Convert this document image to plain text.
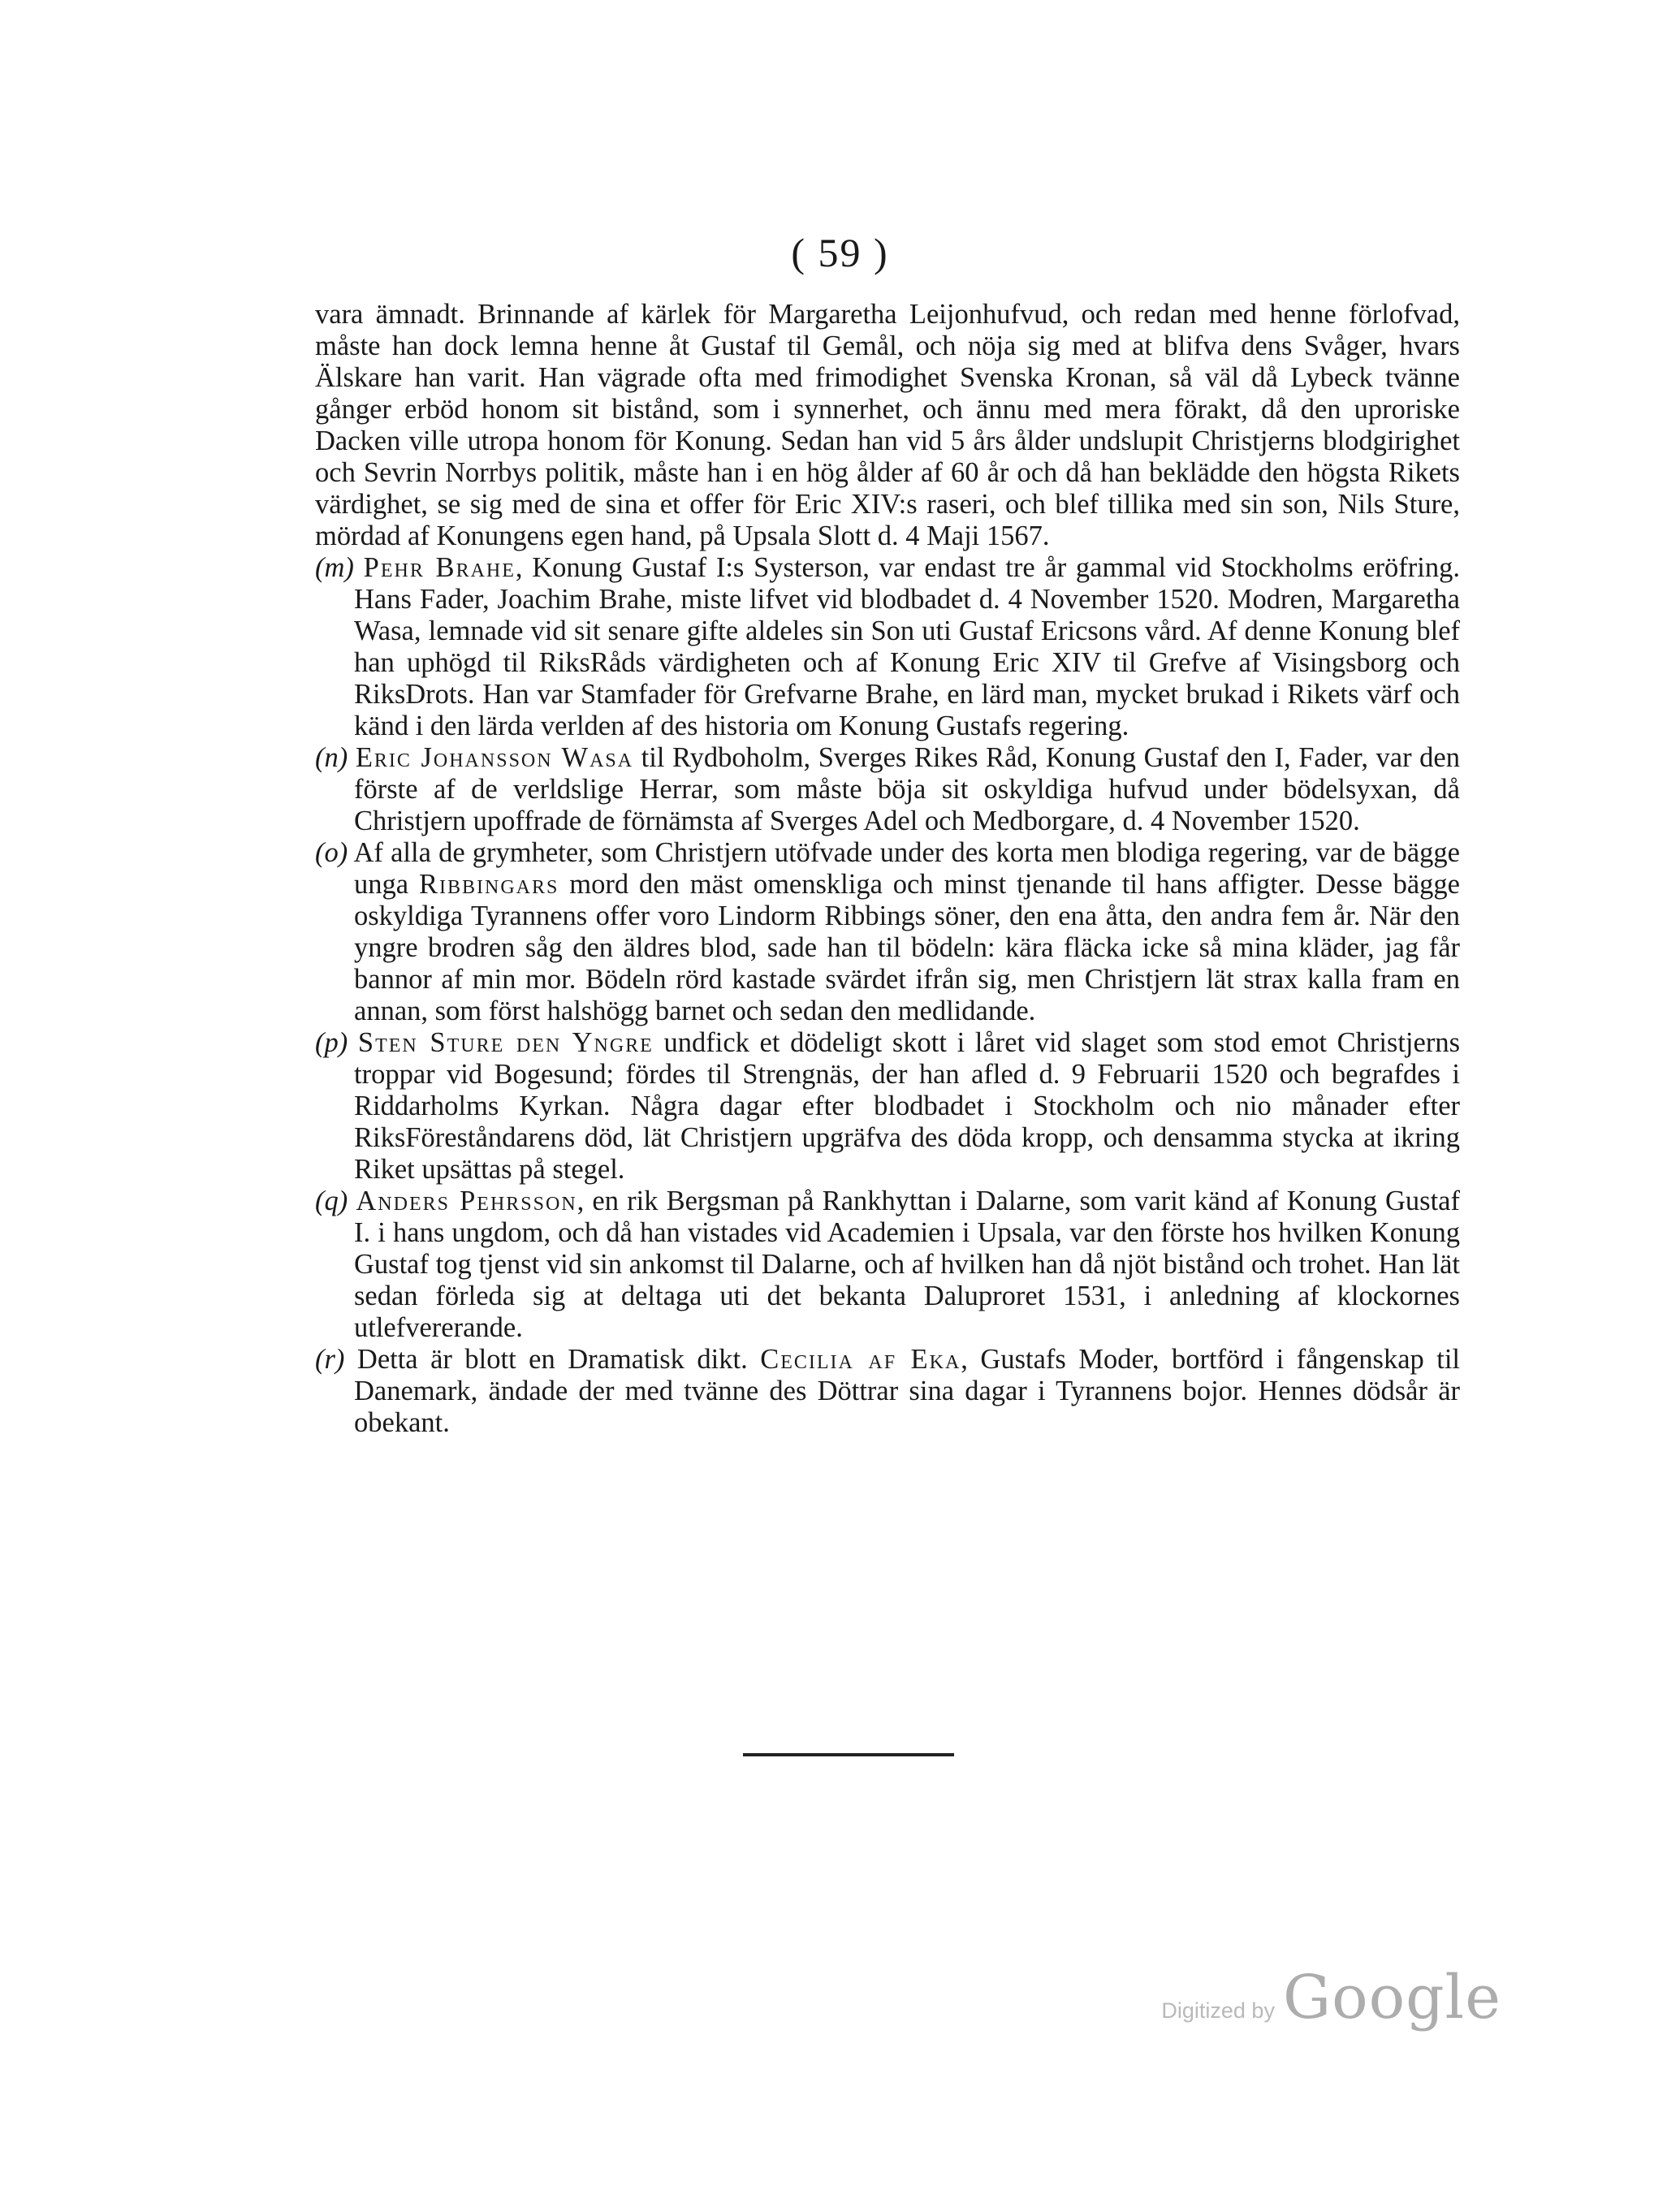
( 59 )

vara ämnadt. Brinnande af kärlek för Margaretha Leijonhufvud, och redan med henne förlofvad, måste han dock lemna henne åt Gustaf til Gemål, och nöja sig med at blifva dens Svåger, hvars Älskare han varit. Han vägrade ofta med frimodighet Svenska Kronan, så väl då Lybeck tvänne gånger erböd honom sit bistånd, som i synnerhet, och ännu med mera förakt, då den uproriske Dacken ville utropa honom för Konung. Sedan han vid 5 års ålder undslupit Christjerns blodgirighet och Sevrin Norrbys politik, måste han i en hög ålder af 60 år och då han beklädde den högsta Rikets värdighet, se sig med de sina et offer för Eric XIV:s raseri, och blef tillika med sin son, Nils Sture, mördad af Konungens egen hand, på Upsala Slott d. 4 Maji 1567.

(m) Pehr Brahe, Konung Gustaf I:s Systerson, var endast tre år gammal vid Stockholms eröfring. Hans Fader, Joachim Brahe, miste lifvet vid blodbadet d. 4 November 1520. Modren, Margaretha Wasa, lemnade vid sit senare gifte aldeles sin Son uti Gustaf Ericsons vård. Af denne Konung blef han uphögd til RiksRåds värdigheten och af Konung Eric XIV til Grefve af Visingsborg och RiksDrots. Han var Stamfader för Grefvarne Brahe, en lärd man, mycket brukad i Rikets värf och känd i den lärda verlden af des historia om Konung Gustafs regering.

(n) Eric Johansson Wasa til Rydboholm, Sverges Rikes Råd, Konung Gustaf den I, Fader, var den förste af de verldslige Herrar, som måste böja sit oskyldiga hufvud under bödelsyxan, då Christjern upoffrade de förnämsta af Sverges Adel och Medborgare, d. 4 November 1520.

(o) Af alla de grymheter, som Christjern utöfvade under des korta men blodiga regering, var de bägge unga Ribbingars mord den mäst omenskliga och minst tjenande til hans affigter. Desse bägge oskyldiga Tyrannens offer voro Lindorm Ribbings söner, den ena åtta, den andra fem år. När den yngre brodren såg den äldres blod, sade han til bödeln: kära fläcka icke så mina kläder, jag får bannor af min mor. Bödeln rörd kastade svärdet ifrån sig, men Christjern lät strax kalla fram en annan, som först halshögg barnet och sedan den medlidande.

(p) Sten Sture den Yngre undfick et dödeligt skott i låret vid slaget som stod emot Christjerns troppar vid Bogesund; fördes til Strengnäs, der han afled d. 9 Februarii 1520 och begrafdes i Riddarholms Kyrkan. Några dagar efter blodbadet i Stockholm och nio månader efter RiksFöreståndarens död, lät Christjern upgräfva des döda kropp, och densamma stycka at ikring Riket upsättas på stegel.

(q) Anders Pehrsson, en rik Bergsman på Rankhyttan i Dalarne, som varit känd af Konung Gustaf I. i hans ungdom, och då han vistades vid Academien i Upsala, var den förste hos hvilken Konung Gustaf tog tjenst vid sin ankomst til Dalarne, och af hvilken han då njöt bistånd och trohet. Han lät sedan förleda sig at deltaga uti det bekanta Daluproret 1531, i anledning af klockornes utlefvererande.

(r) Detta är blott en Dramatisk dikt. Cecilia af Eka, Gustafs Moder, bortförd i fångenskap til Danemark, ändade der med tvänne des Döttrar sina dagar i Tyrannens bojor. Hennes dödsår är obekant.

Digitized by Google
